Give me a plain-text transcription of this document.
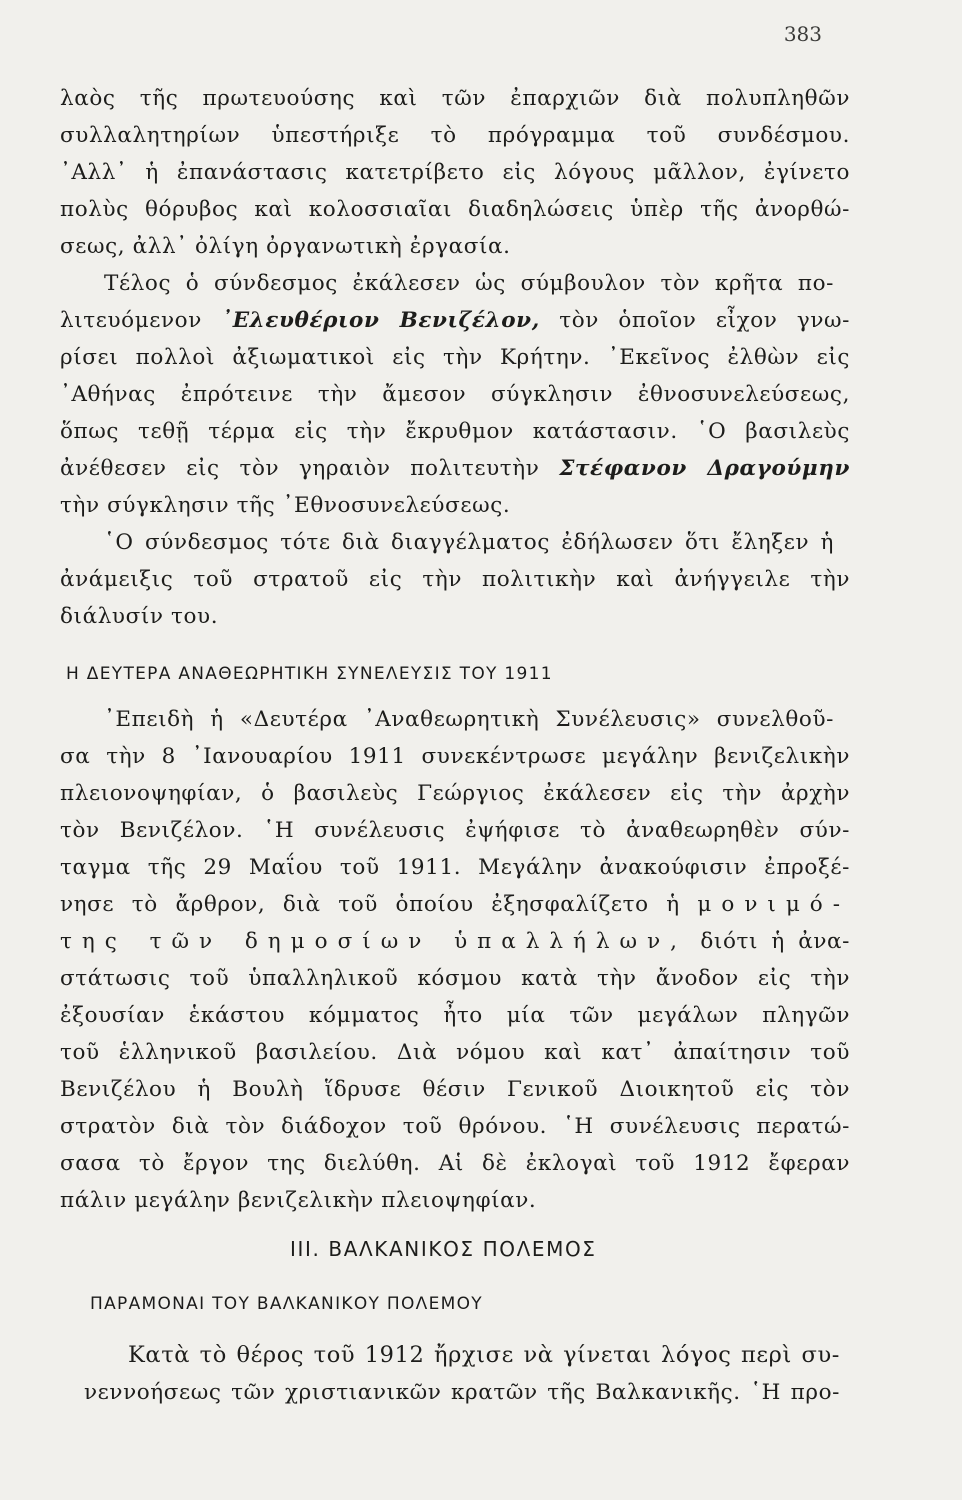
383
λαὸς τῆς πρωτευούσης καὶ τῶν ἐπαρχιῶν διὰ πολυπληθῶν
συλλαλητηρίων ὑπεστήριξε τὸ πρόγραμμα τοῦ συνδέσμου.
᾿Αλλ᾿ ἡ ἐπανάστασις κατετρίβετο εἰς λόγους μᾶλλον, ἐγίνετο
πολὺς θόρυβος καὶ κολοσσιαῖαι διαδηλώσεις ὑπὲρ τῆς ἀνορθώ-
σεως, ἀλλ᾿ ὀλίγη ὀργανωτικὴ ἐργασία.
Τέλος ὁ σύνδεσμος ἐκάλεσεν ὡς σύμβουλον τὸν κρῆτα πο-
λιτευόμενον ᾿Ελευθέριον Βενιζέλον, τὸν ὁποῖον εἶχον γνω-
ρίσει πολλοὶ ἀξιωματικοὶ εἰς τὴν Κρήτην. ᾿Εκεῖνος ἐλθὼν εἰς
᾿Αθήνας ἐπρότεινε τὴν ἄμεσον σύγκλησιν ἐθνοσυνελεύσεως,
ὅπως τεθῇ τέρμα εἰς τὴν ἔκρυθμον κατάστασιν. ῾Ο βασιλεὺς
ἀνέθεσεν εἰς τὸν γηραιὸν πολιτευτὴν Στέφανον Δραγούμην
τὴν σύγκλησιν τῆς ᾿Εθνοσυνελεύσεως.
῾Ο σύνδεσμος τότε διὰ διαγγέλματος ἐδήλωσεν ὅτι ἔληξεν ἡ
ἀνάμειξις τοῦ στρατοῦ εἰς τὴν πολιτικὴν καὶ ἀνήγγειλε τὴν
διάλυσίν του.
Η ΔΕΥΤΕΡΑ ΑΝΑΘΕΩΡΗΤΙΚΗ ΣΥΝΕΛΕΥΣΙΣ ΤΟΥ 1911
᾿Επειδὴ ἡ «Δευτέρα ᾿Αναθεωρητικὴ Συνέλευσις» συνελθοῦ-
σα τὴν 8 ᾿Ιανουαρίου 1911 συνεκέντρωσε μεγάλην βενιζελικὴν
πλειονοψηφίαν, ὁ βασιλεὺς Γεώργιος ἐκάλεσεν εἰς τὴν ἀρχὴν
τὸν Βενιζέλον. ῾Η συνέλευσις ἐψήφισε τὸ ἀναθεωρηθὲν σύν-
ταγμα τῆς 29 Μαΐου τοῦ 1911. Μεγάλην ἀνακούφισιν ἐπροξέ-
νησε τὸ ἄρθρον, διὰ τοῦ ὁποίου ἐξησφαλίζετο ἡ μονιμό-
της τῶν δημοσίων ὑπαλλήλων, διότι ἡ ἀνα-
στάτωσις τοῦ ὑπαλληλικοῦ κόσμου κατὰ τὴν ἄνοδον εἰς τὴν
ἐξουσίαν ἑκάστου κόμματος ἦτο μία τῶν μεγάλων πληγῶν
τοῦ ἑλληνικοῦ βασιλείου. Διὰ νόμου καὶ κατ᾿ ἀπαίτησιν τοῦ
Βενιζέλου ἡ Βουλὴ ἵδρυσε θέσιν Γενικοῦ Διοικητοῦ εἰς τὸν
στρατὸν διὰ τὸν διάδοχον τοῦ θρόνου. ῾Η συνέλευσις περατώ-
σασα τὸ ἔργον της διελύθη. Αἱ δὲ ἐκλογαὶ τοῦ 1912 ἔφεραν
πάλιν μεγάλην βενιζελικὴν πλειοψηφίαν.
III. ΒΑΛΚΑΝΙΚΟΣ ΠΟΛΕΜΟΣ
ΠΑΡΑΜΟΝΑΙ ΤΟΥ ΒΑΛΚΑΝΙΚΟΥ ΠΟΛΕΜΟΥ
Κατὰ τὸ θέρος τοῦ 1912 ἤρχισε νὰ γίνεται λόγος περὶ συ-
νεννοήσεως τῶν χριστιανικῶν κρατῶν τῆς Βαλκανικῆς. ῾Η προ-
